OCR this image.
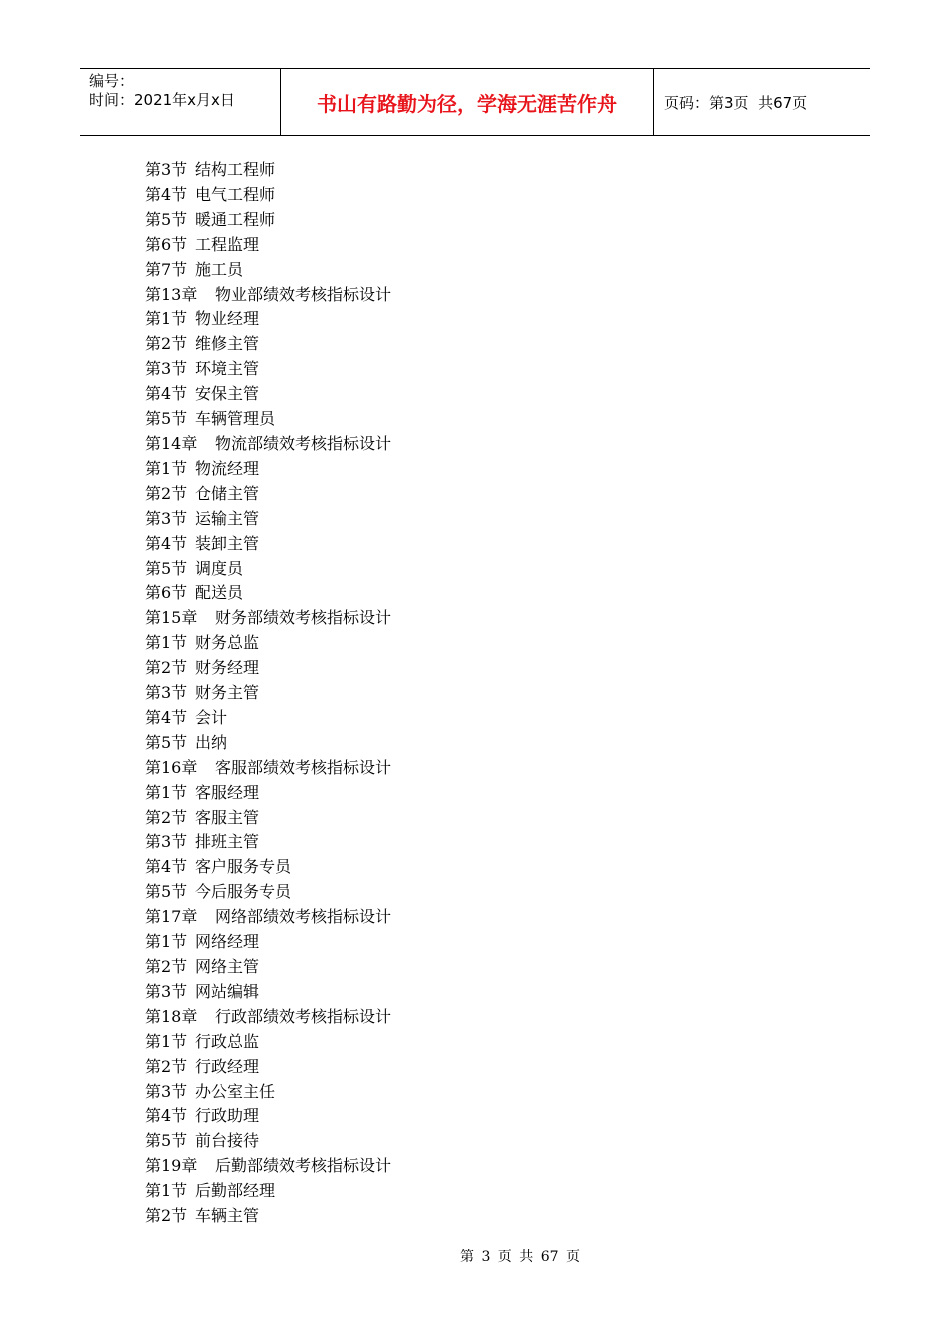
编号：
时间：2021年x月x日	书山有路勤为径，学海无涯苦作舟	页码：第3页  共67页
第3节 结构工程师
第4节 电气工程师
第5节 暖通工程师
第6节 工程监理
第7节 施工员
第13章 物业部绩效考核指标设计
第1节 物业经理
第2节 维修主管
第3节 环境主管
第4节 安保主管
第5节 车辆管理员
第14章 物流部绩效考核指标设计
第1节 物流经理
第2节 仓储主管
第3节 运输主管
第4节 装卸主管
第5节 调度员
第6节 配送员
第15章 财务部绩效考核指标设计
第1节 财务总监
第2节 财务经理
第3节 财务主管
第4节 会计
第5节 出纳
第16章 客服部绩效考核指标设计
第1节 客服经理
第2节 客服主管
第3节 排班主管
第4节 客户服务专员
第5节 今后服务专员
第17章 网络部绩效考核指标设计
第1节 网络经理
第2节 网络主管
第3节 网站编辑
第18章 行政部绩效考核指标设计
第1节 行政总监
第2节 行政经理
第3节 办公室主任
第4节 行政助理
第5节 前台接待
第19章 后勤部绩效考核指标设计
第1节 后勤部经理
第2节 车辆主管
第 3 页 共 67 页
